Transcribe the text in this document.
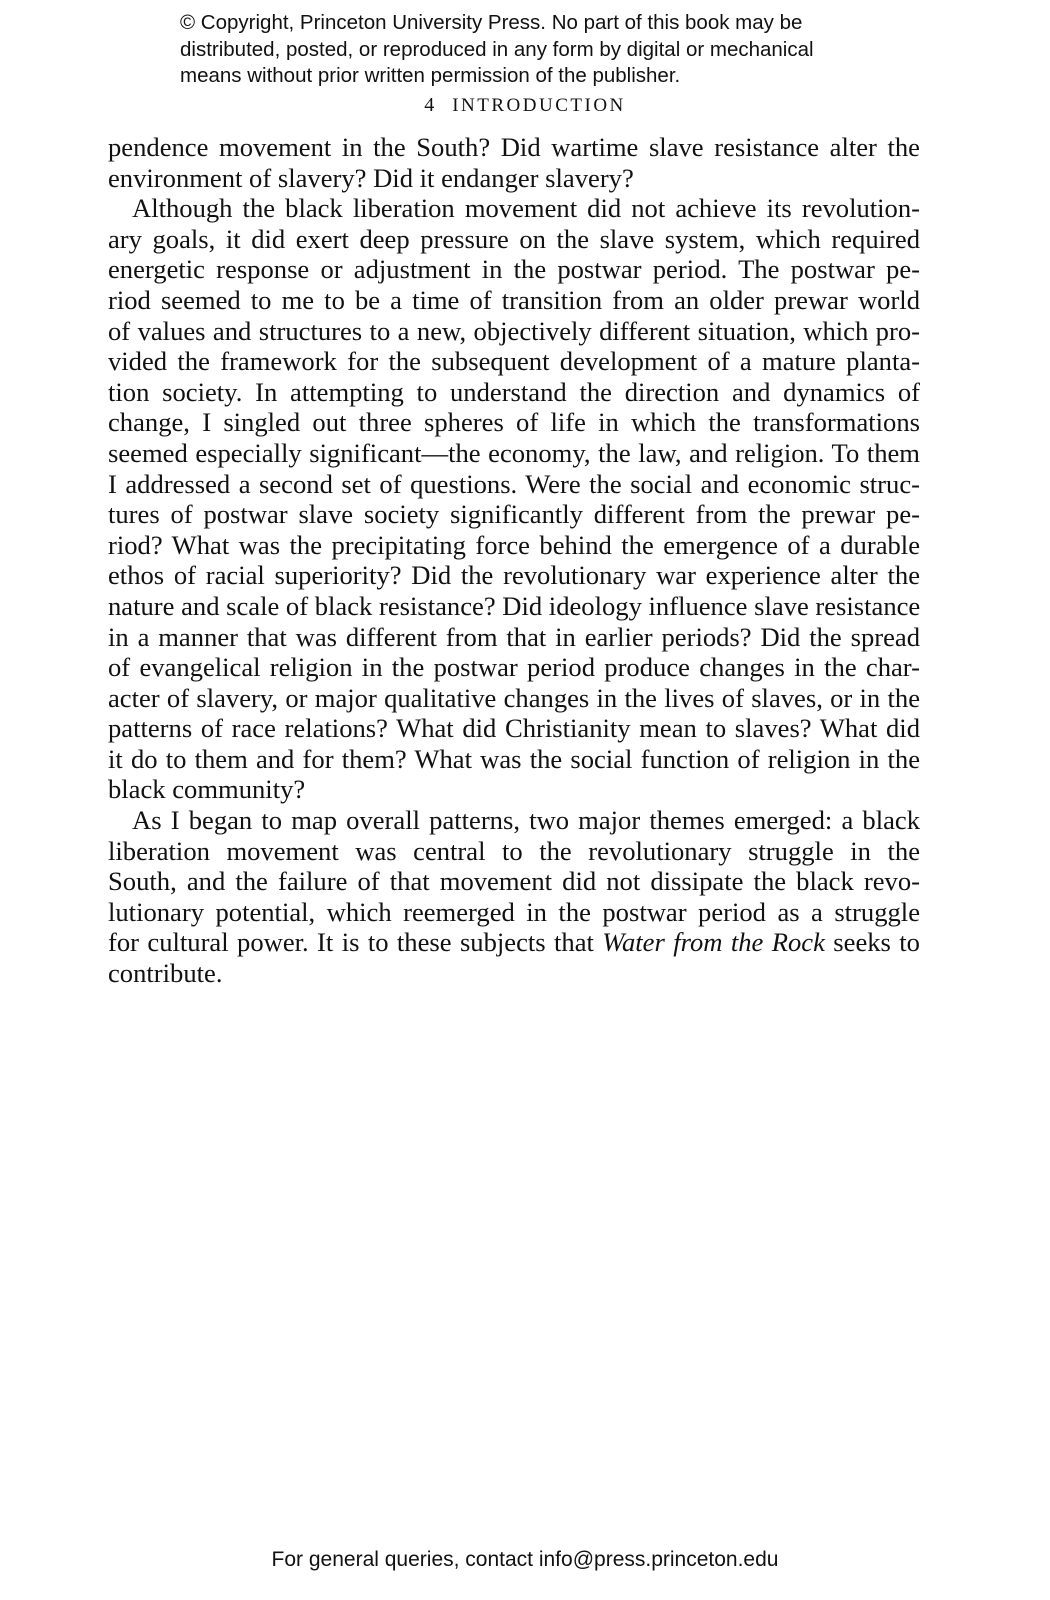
© Copyright, Princeton University Press. No part of this book may be
distributed, posted, or reproduced in any form by digital or mechanical
means without prior written permission of the publisher.
4 INTRODUCTION

pendence movement in the South? Did wartime slave resistance alter the
environment of slavery? Did it endanger slavery?

Although the black liberation movement did not achieve its revolution-
ary goals, it did exert deep pressure on the slave system, which required
energetic response or adjustment in the postwar period. The postwar pe-
riod seemed to me to be a time of transition from an older prewar world
of values and structures to a new, objectively different situation, which pro-
vided the framework for the subsequent development of a mature planta-
tion society. In attempting to understand the direction and dynamics of
change, I singled out three spheres of life in which the transformations
seemed especially significant—the economy, the law, and religion. To them
I addressed a second set of questions. Were the social and economic struc-
tures of postwar slave society significantly different from the prewar pe-
riod? What was the precipitating force behind the emergence of a durable
ethos of racial superiority? Did the revolutionary war experience alter the
nature and scale of black resistance? Did ideology influence slave resistance
in a manner that was different from that in earlier periods? Did the spread
of evangelical religion in the postwar period produce changes in the char-
acter of slavery, or major qualitative changes in the lives of slaves, or in the
patterns of race relations? What did Christianity mean to slaves? What did
it do to them and for them? What was the social function of religion in the
black community?

As I began to map overall patterns, two major themes emerged: a black
liberation movement was central to the revolutionary struggle in the
South, and the failure of that movement did not dissipate the black revo-
lutionary potential, which reemerged in the postwar period as a struggle
for cultural power. It is to these subjects that Water from the Rock seeks to
contribute.

For general queries, contact info@press.princeton.edu
